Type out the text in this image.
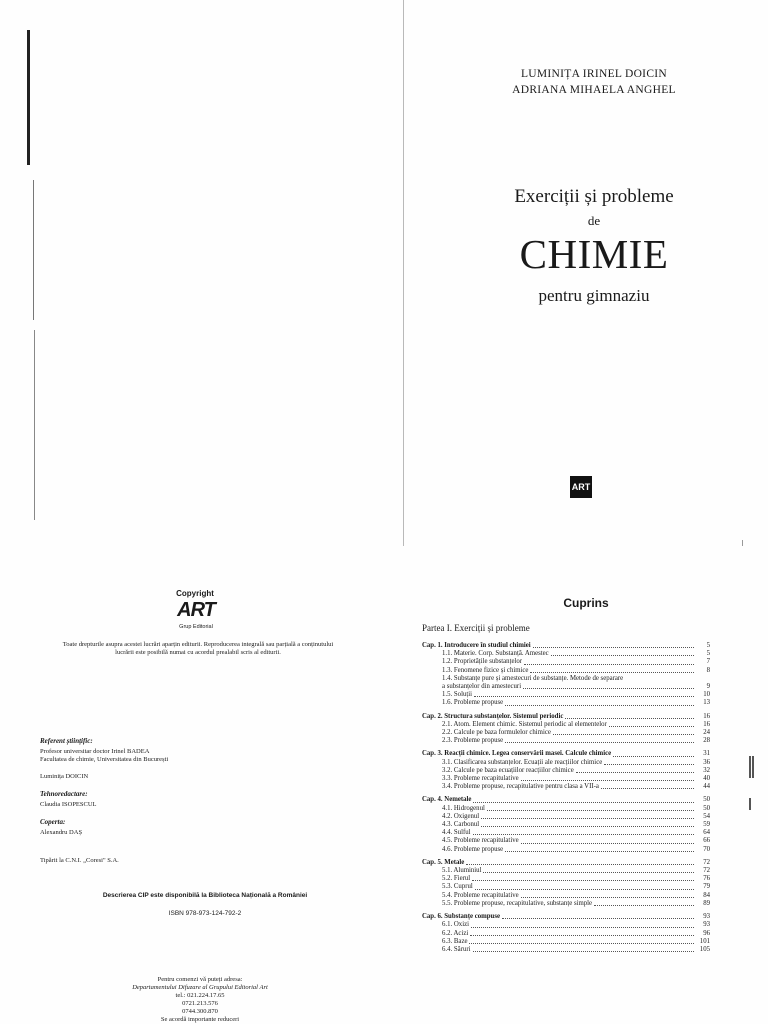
LUMINIȚA IRINEL DOICIN
ADRIANA MIHAELA ANGHEL
Exerciții și probleme
de
CHIMIE
pentru gimnaziu
ART
Copyright
ART
Grup Editorial
Toate drepturile asupra acestei lucrări aparțin editurii. Reproducerea integrală sau parțială a conținutului lucrării este posibilă numai cu acordul prealabil scris al editurii.
Referent științific:
Profesor universitar doctor Irinel BADEA
Facultatea de chimie, Universitatea din București
Luminița DOICIN
Tehnoredactare:
Claudia ISOPESCUL
Coperta:
Alexandru DAȘ
Tipărit la C.N.I. „Coresi" S.A.
Descrierea CIP este disponibilă la Biblioteca Națională a României
ISBN 978-973-124-792-2
Pentru comenzi vă puteți adresa:
Departamentului Difuzare al Grupului Editorial Art
tel.: 021.224.17.65
0721.213.576
0744.300.870
Se acordă importante reduceri
Cuprins
Partea I. Exerciții și probleme
Cap. 1. Introducere în studiul chimiei	5
1.1. Materie. Corp. Substanță. Amestec	5
1.2. Proprietățile substanțelor	7
1.3. Fenomene fizice și chimice	8
1.4. Substanțe pure și amestecuri de substanțe. Metode de separare
a substanțelor din amestecuri	9
1.5. Soluții	10
1.6. Probleme propuse	13
Cap. 2. Structura substanțelor. Sistemul periodic	16
2.1. Atom. Element chimic. Sistemul periodic al elementelor	16
2.2. Calcule pe baza formulelor chimice	24
2.3. Probleme propuse	28
Cap. 3. Reacții chimice. Legea conservării masei. Calcule chimice	31
3.1. Clasificarea substanțelor. Ecuații ale reacțiilor chimice	36
3.2. Calcule pe baza ecuațiilor reacțiilor chimice	32
3.3. Probleme recapitulative	40
3.4. Probleme propuse, recapitulative pentru clasa a VII-a	44
Cap. 4. Nemetale	50
4.1. Hidrogenul	50
4.2. Oxigenul	54
4.3. Carbonul	59
4.4. Sulful	64
4.5. Probleme recapitulative	66
4.6. Probleme propuse	70
Cap. 5. Metale	72
5.1. Aluminiul	72
5.2. Fierul	76
5.3. Cuprul	79
5.4. Probleme recapitulative	84
5.5. Probleme propuse, recapitulative, substanțe simple	89
Cap. 6. Substanțe compuse	93
6.1. Oxizi	93
6.2. Acizi	96
6.3. Baze	101
6.4. Săruri	105
